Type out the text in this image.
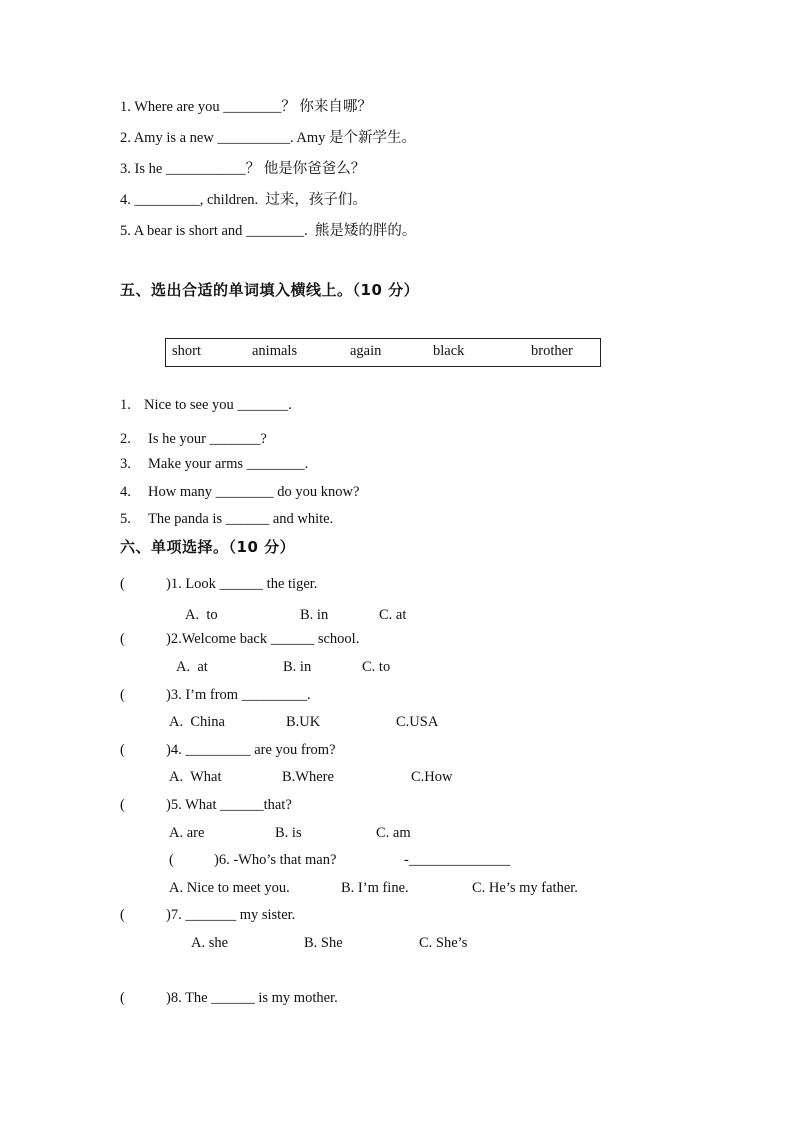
1. Where are you ________？ 你来自哪？
2. Amy is a new __________. Amy 是个新学生。
3. Is he ___________？ 他是你爸爸么？
4. _________, children.  过来，孩子们。
5. A bear is short and ________.  熊是矮的胖的。
五、选出合适的单词填入横线上。（10 分）
short	animals	again	black	brother
1. Nice to see you _______.
2. Is he your _______?
3. Make your arms ________.
4. How many ________ do you know?
5. The panda is ______ and white.
六、单项选择。（10 分）
(	)1. Look ______ the tiger.
A.  to	B. in	C. at
(	)2.Welcome back ______ school.
A.  at	B. in	C. to
(	)3. I’m from _________.
A.  China	B.UK	C.USA
(	)4. _________ are you from?
A.  What	B.Where	C.How
(	)5. What ______that?
A. are	B. is	C. am
(	)6. -Who’s that man?	-______________
A. Nice to meet you.	B. I’m fine.	C. He’s my father.
(	)7. _______ my sister.
A. she	B. She	C. She’s
(	)8. The ______ is my mother.
